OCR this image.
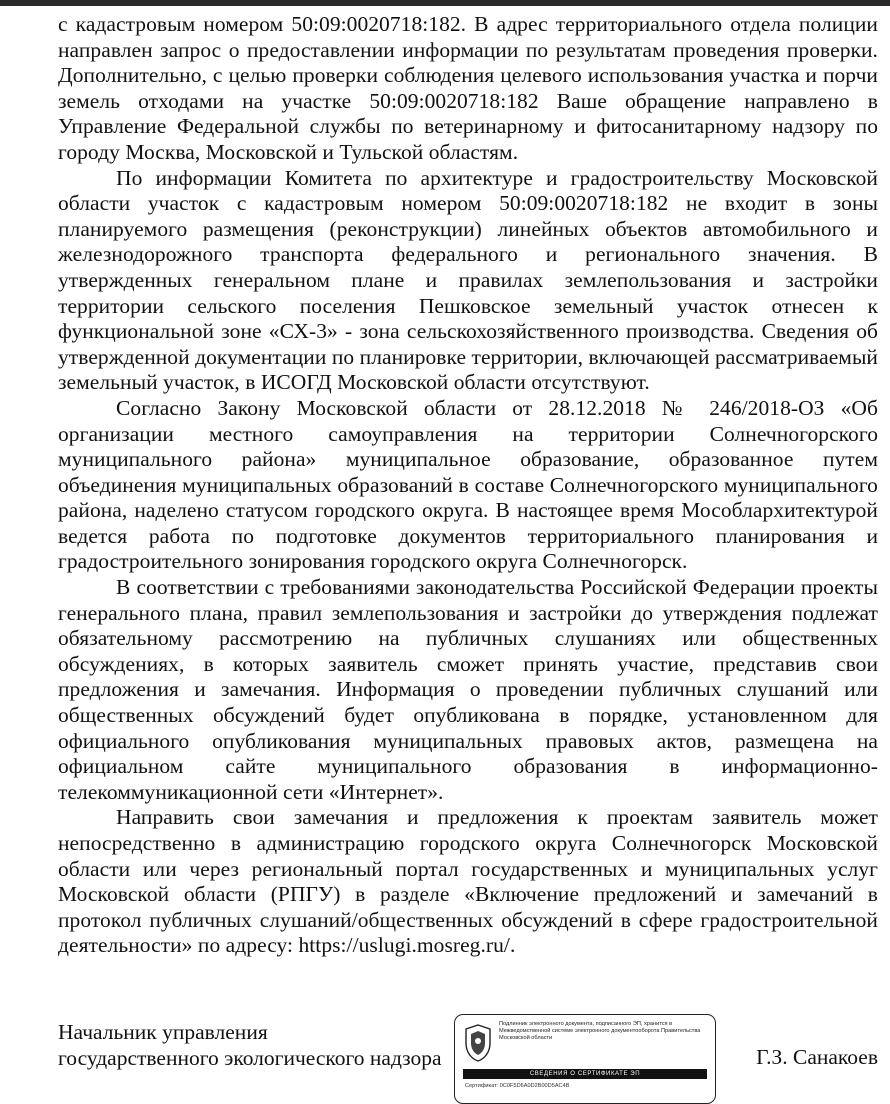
с кадастровым номером 50:09:0020718:182. В адрес территориального отдела полиции направлен запрос о предоставлении информации по результатам проведения проверки. Дополнительно, с целью проверки соблюдения целевого использования участка и порчи земель отходами на участке 50:09:0020718:182 Ваше обращение направлено в Управление Федеральной службы по ветеринарному и фитосанитарному надзору по городу Москва, Московской и Тульской областям.

По информации Комитета по архитектуре и градостроительству Московской области участок с кадастровым номером 50:09:0020718:182 не входит в зоны планируемого размещения (реконструкции) линейных объектов автомобильного и железнодорожного транспорта федерального и регионального значения. В утвержденных генеральном плане и правилах землепользования и застройки территории сельского поселения Пешковское земельный участок отнесен к функциональной зоне «СХ-3» - зона сельскохозяйственного производства. Сведения об утвержденной документации по планировке территории, включающей рассматриваемый земельный участок, в ИСОГД Московской области отсутствуют.

Согласно Закону Московской области от 28.12.2018 № 246/2018-ОЗ «Об организации местного самоуправления на территории Солнечногорского муниципального района» муниципальное образование, образованное путем объединения муниципальных образований в составе Солнечногорского муниципального района, наделено статусом городского округа. В настоящее время Мособлархитектурой ведется работа по подготовке документов территориального планирования и градостроительного зонирования городского округа Солнечногорск.

В соответствии с требованиями законодательства Российской Федерации проекты генерального плана, правил землепользования и застройки до утверждения подлежат обязательному рассмотрению на публичных слушаниях или общественных обсуждениях, в которых заявитель сможет принять участие, представив свои предложения и замечания. Информация о проведении публичных слушаний или общественных обсуждений будет опубликована в порядке, установленном для официального опубликования муниципальных правовых актов, размещена на официальном сайте муниципального образования в информационно-телекоммуникационной сети «Интернет».

Направить свои замечания и предложения к проектам заявитель может непосредственно в администрацию городского округа Солнечногорск Московской области или через региональный портал государственных и муниципальных услуг Московской области (РПГУ) в разделе «Включение предложений и замечаний в протокол публичных слушаний/общественных обсуждений в сфере градостроительной деятельности» по адресу: https://uslugi.mosreg.ru/.

Начальник управления
государственного экологического надзора
Подлинник электронного документа, подписанного ЭП, хранится в Межведомственной системе электронного документооборота Правительства Московской области
СВЕДЕНИЯ О СЕРТИФИКАТЕ ЭП
Сертификат: 0C0F5D6A0D2B00D5AC4B
Г.З. Санакоев
